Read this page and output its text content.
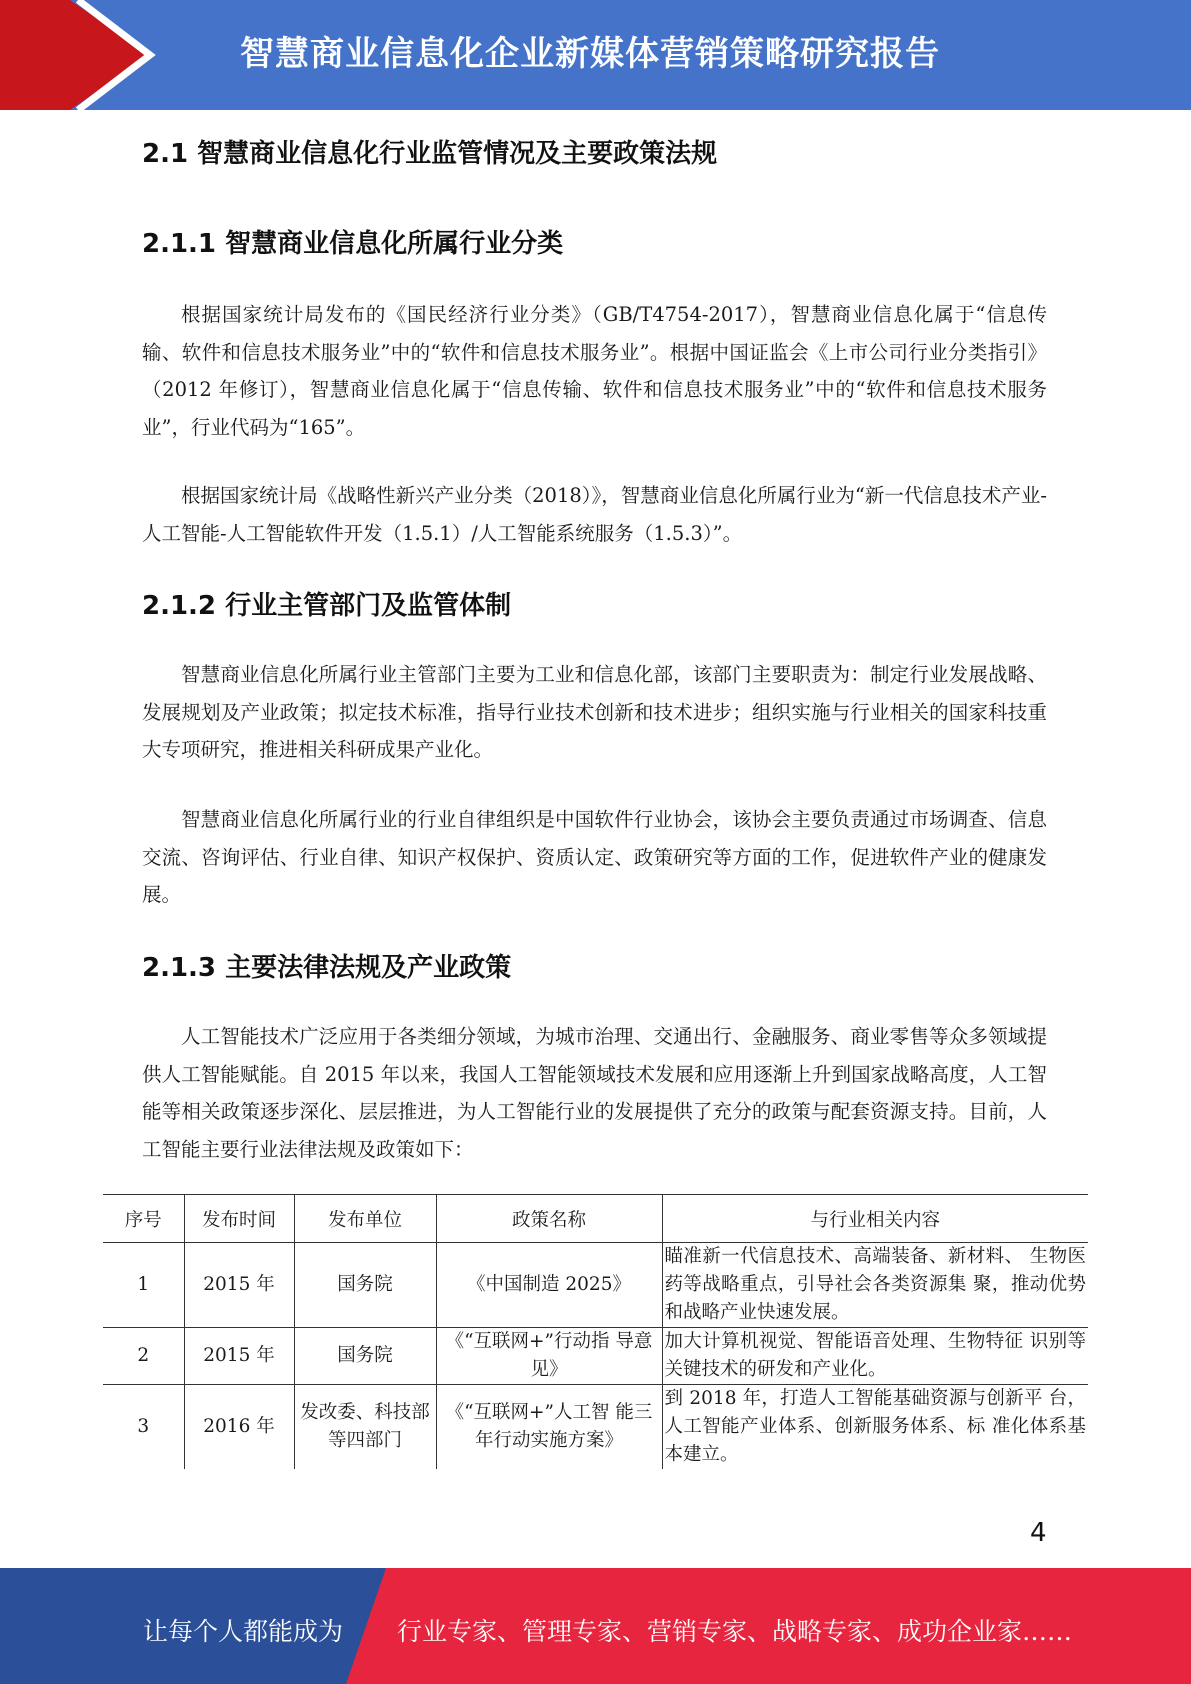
智慧商业信息化企业新媒体营销策略研究报告
2.1 智慧商业信息化行业监管情况及主要政策法规
2.1.1 智慧商业信息化所属行业分类
根据国家统计局发布的《国民经济行业分类》（GB/T4754-2017），智慧商业信息化属于“信息传输、软件和信息技术服务业”中的“软件和信息技术服务业”。根据中国证监会《上市公司行业分类指引》（2012 年修订），智慧商业信息化属于“信息传输、软件和信息技术服务业”中的“软件和信息技术服务业”，行业代码为“165”。
根据国家统计局《战略性新兴产业分类（2018）》，智慧商业信息化所属行业为“新一代信息技术产业-人工智能-人工智能软件开发（1.5.1）/人工智能系统服务（1.5.3）”。
2.1.2 行业主管部门及监管体制
智慧商业信息化所属行业主管部门主要为工业和信息化部，该部门主要职责为：制定行业发展战略、发展规划及产业政策；拟定技术标准，指导行业技术创新和技术进步；组织实施与行业相关的国家科技重大专项研究，推进相关科研成果产业化。
智慧商业信息化所属行业的行业自律组织是中国软件行业协会，该协会主要负责通过市场调查、信息交流、咨询评估、行业自律、知识产权保护、资质认定、政策研究等方面的工作，促进软件产业的健康发展。
2.1.3 主要法律法规及产业政策
人工智能技术广泛应用于各类细分领域，为城市治理、交通出行、金融服务、商业零售等众多领域提供人工智能赋能。自 2015 年以来，我国人工智能领域技术发展和应用逐渐上升到国家战略高度，人工智能等相关政策逐步深化、层层推进，为人工智能行业的发展提供了充分的政策与配套资源支持。目前，人工智能主要行业法律法规及政策如下：
序号	发布时间	发布单位	政策名称	与行业相关内容
1	2015 年	国务院	《中国制造 2025》	瞄准新一代信息技术、高端装备、新材料、 生物医药等战略重点，引导社会各类资源集 聚，推动优势和战略产业快速发展。
2	2015 年	国务院	《“互联网+”行动指 导意见》	加大计算机视觉、智能语音处理、生物特征 识别等关键技术的研发和产业化。
3	2016 年	发改委、科技部等四部门	《“互联网+”人工智 能三年行动实施方案》	到 2018 年，打造人工智能基础资源与创新平 台，人工智能产业体系、创新服务体系、标 准化体系基本建立。
4
让每个人都能成为 行业专家、管理专家、营销专家、战略专家、成功企业家……
